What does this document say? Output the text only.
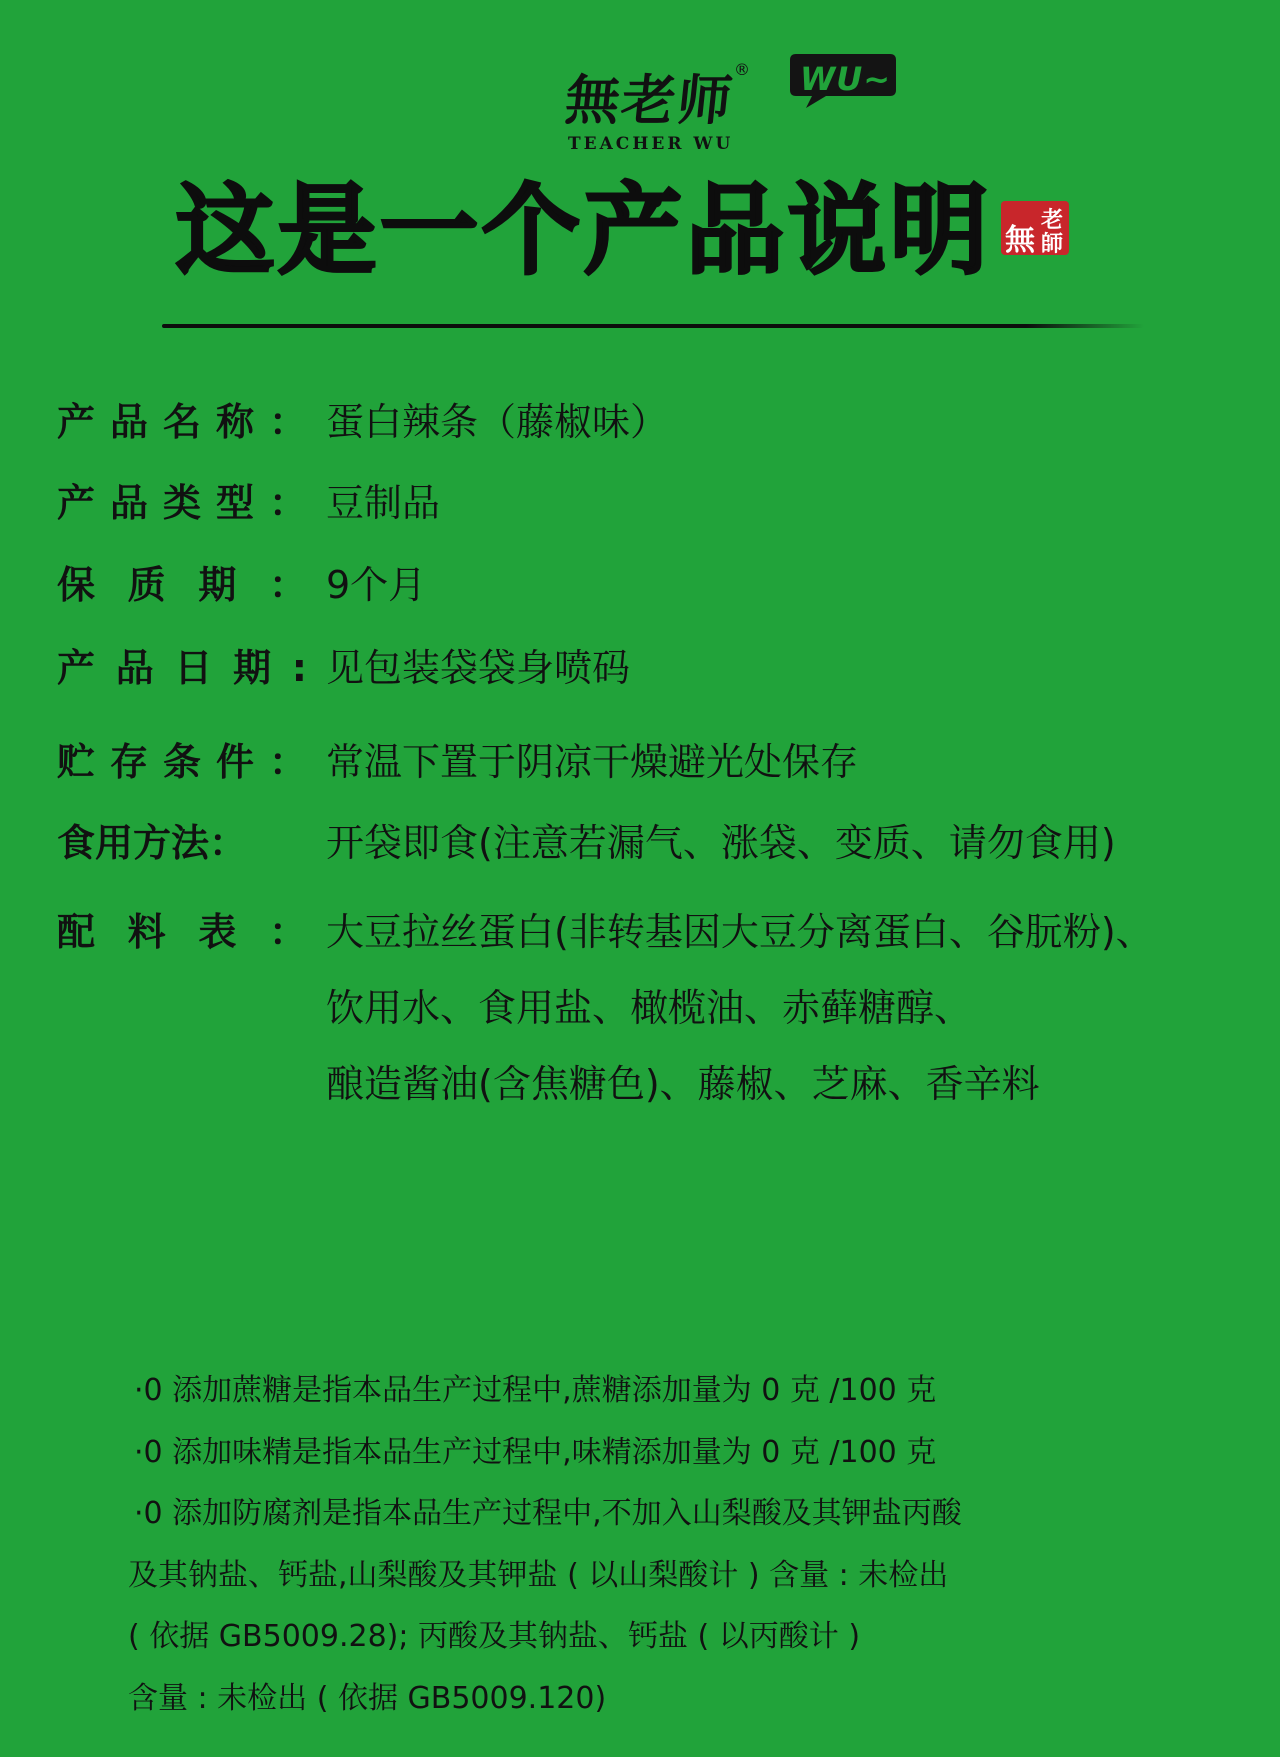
無老师
®
TEACHER WU
WU~
这是一个产品说明 無
老
師
产 品 名 称 ： 蛋白辣条（藤椒味）
产 品 类 型 ： 豆制品
保 质 期 ： 9个月
产 品 日 期 : 见包装袋袋身喷码
贮 存 条 件 ： 常温下置于阴凉干燥避光处保存
食用方法： 开袋即食(注意若漏气、涨袋、变质、请勿食用)
配 料 表 ： 大豆拉丝蛋白(非转基因大豆分离蛋白、谷朊粉)、
饮用水、食用盐、橄榄油、赤藓糖醇、
酿造酱油(含焦糖色)、藤椒、芝麻、香辛料
·0 添加蔗糖是指本品生产过程中,蔗糖添加量为 0 克 /100 克
·0 添加味精是指本品生产过程中,味精添加量为 0 克 /100 克
·0 添加防腐剂是指本品生产过程中,不加入山梨酸及其钾盐丙酸
及其钠盐、钙盐,山梨酸及其钾盐 ( 以山梨酸计 ) 含量 : 未检出
( 依据 GB5009.28); 丙酸及其钠盐、钙盐 ( 以丙酸计 )
含量 : 未检出 ( 依据 GB5009.120)
